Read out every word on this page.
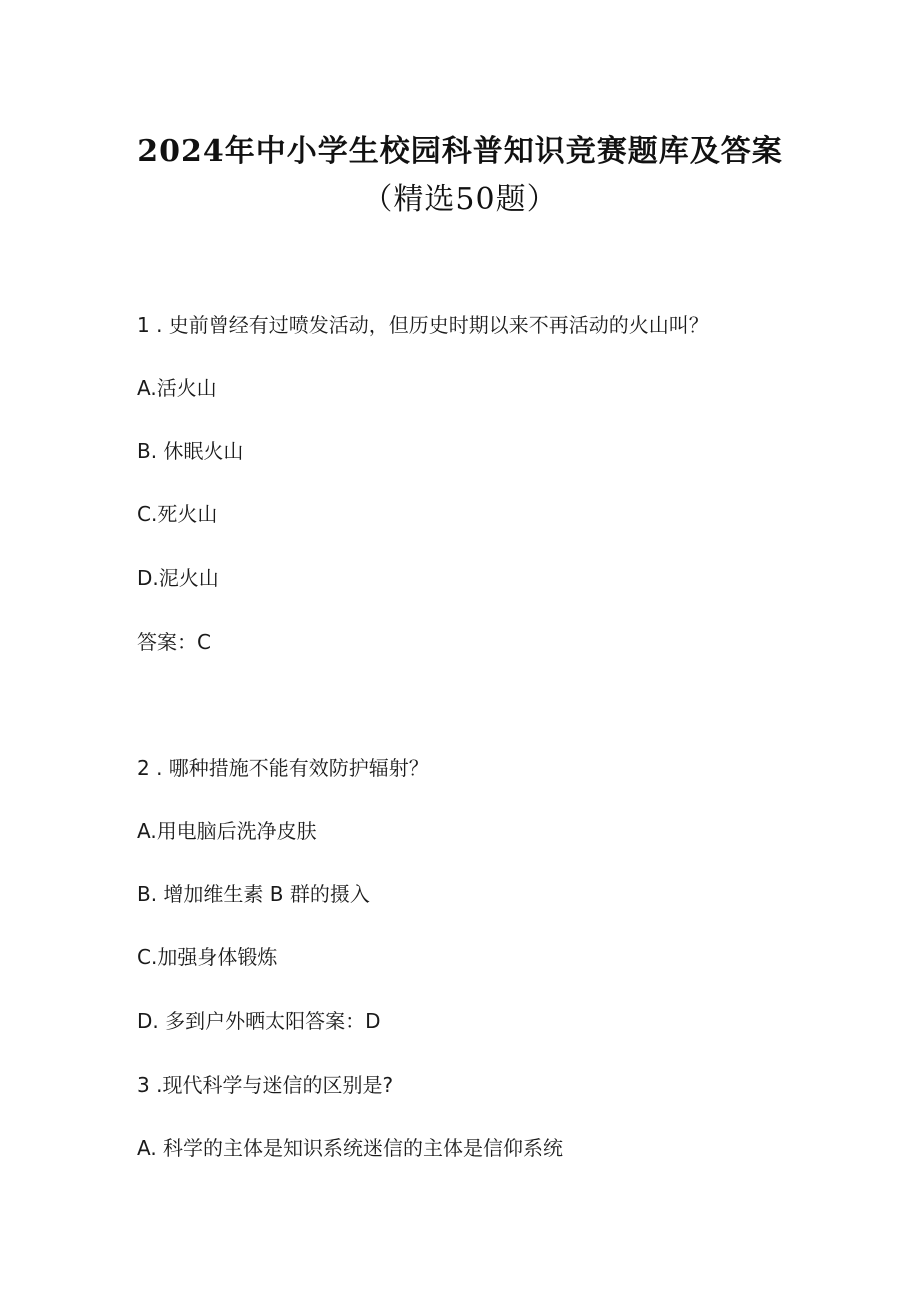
2024年中小学生校园科普知识竞赛题库及答案
（精选50题）
1 . 史前曾经有过喷发活动，但历史时期以来不再活动的火山叫？
A.活火山
B. 休眠火山
C.死火山
D.泥火山
答案：C
2 . 哪种措施不能有效防护辐射？
A.用电脑后洗净皮肤
B. 增加维生素 B 群的摄入
C.加强身体锻炼
D. 多到户外晒太阳答案：D
3 .现代科学与迷信的区别是?
A. 科学的主体是知识系统迷信的主体是信仰系统
